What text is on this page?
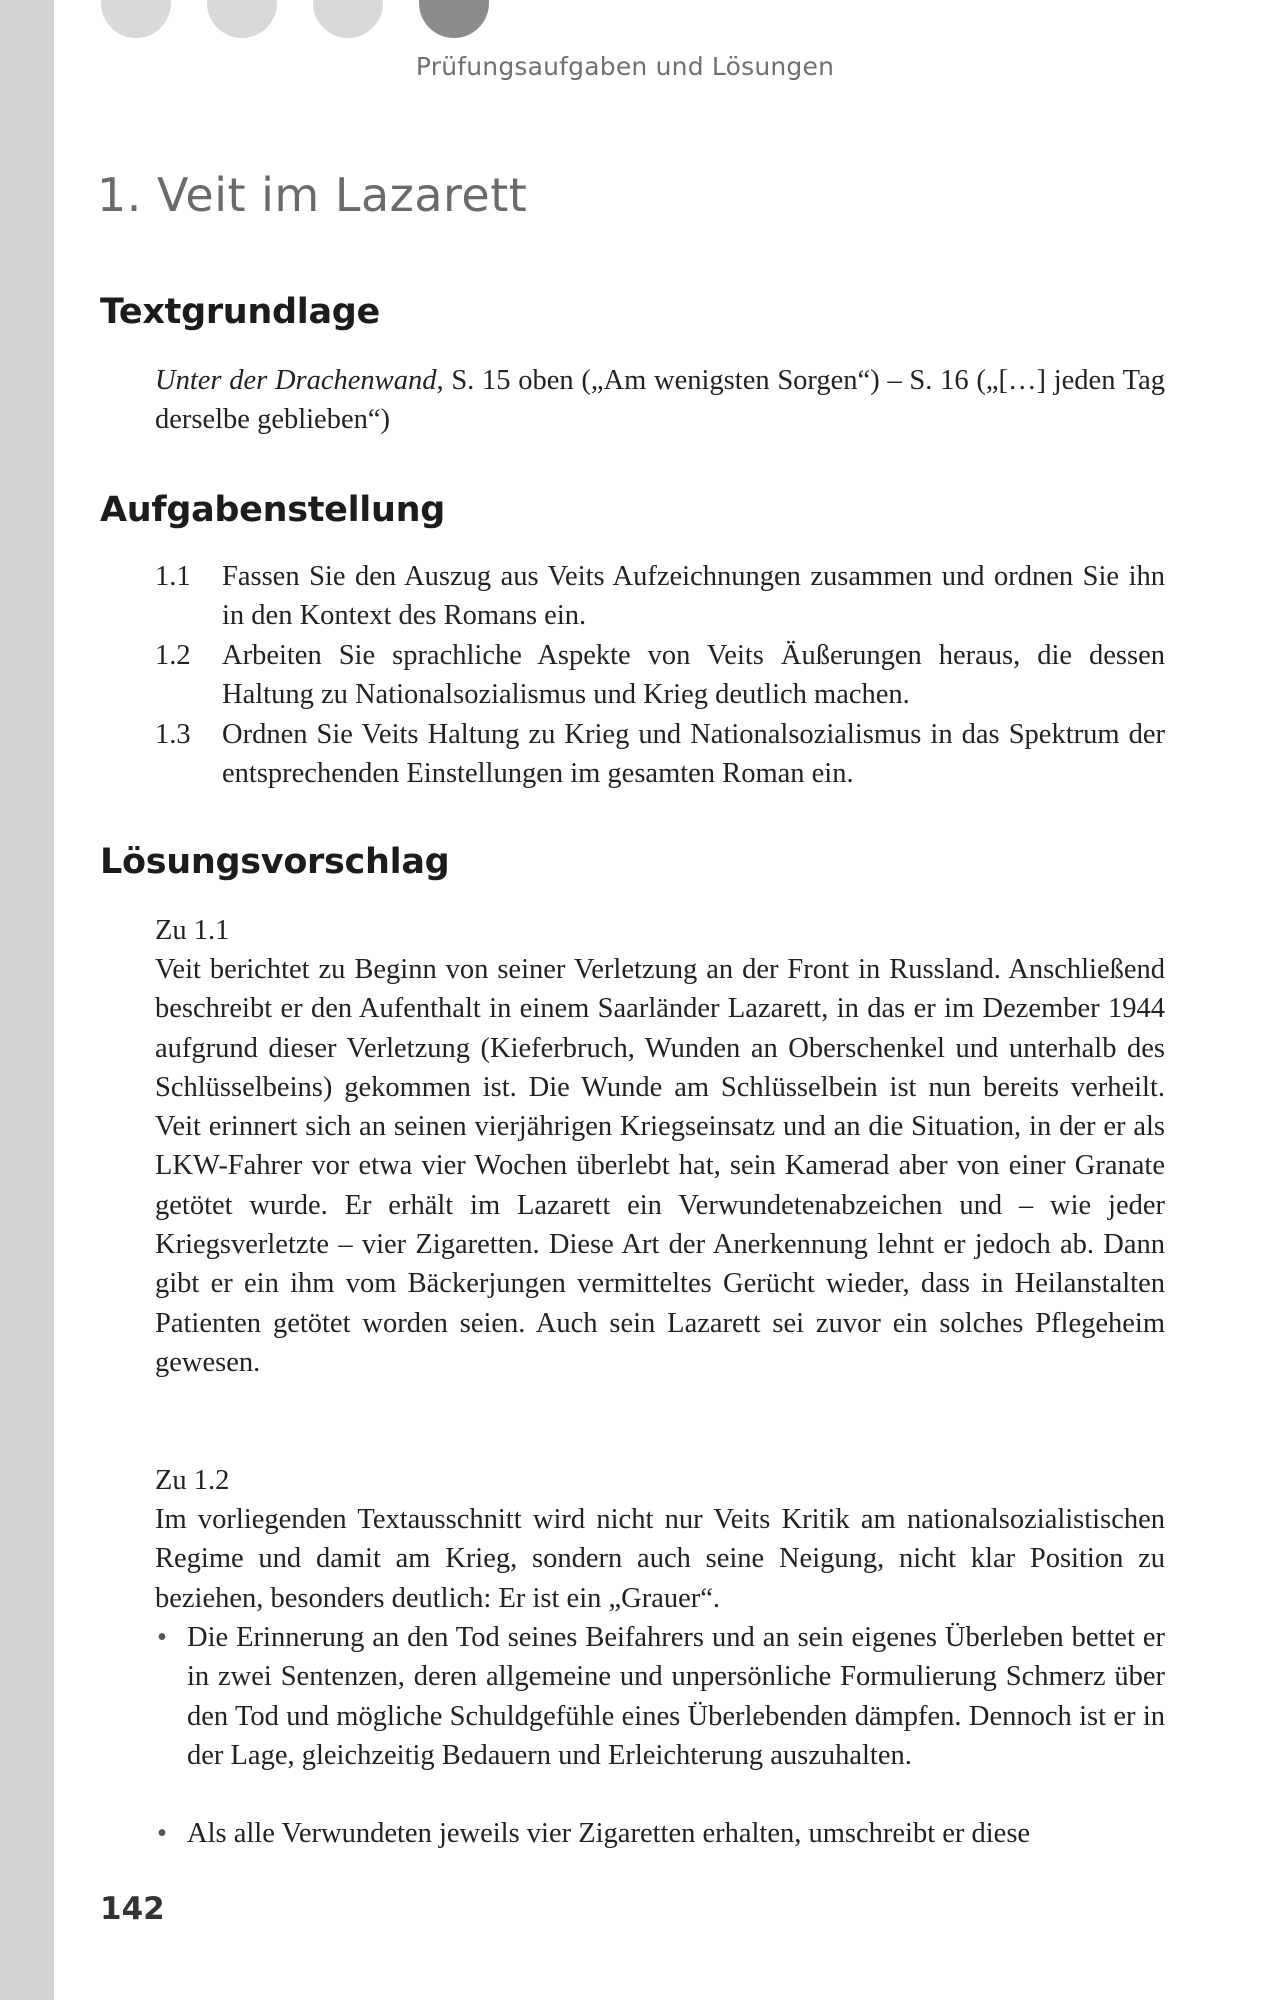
Prüfungsaufgaben und Lösungen
1. Veit im Lazarett
Textgrundlage

Unter der Drachenwand, S. 15 oben („Am wenigsten Sorgen“) – S. 16 („[…] jeden Tag derselbe geblieben“)

Aufgabenstellung
1.1 Fassen Sie den Auszug aus Veits Aufzeichnungen zusammen und ordnen Sie ihn in den Kontext des Romans ein.
1.2 Arbeiten Sie sprachliche Aspekte von Veits Äußerungen heraus, die dessen Haltung zu Nationalsozialismus und Krieg deutlich machen.
1.3 Ordnen Sie Veits Haltung zu Krieg und Nationalsozialismus in das Spektrum der entsprechenden Einstellungen im gesamten Roman ein.
Lösungsvorschlag

Zu 1.1

Veit berichtet zu Beginn von seiner Verletzung an der Front in Russland. Anschließend beschreibt er den Aufenthalt in einem Saarländer Lazarett, in das er im Dezember 1944 aufgrund dieser Verletzung (Kieferbruch, Wunden an Oberschenkel und unterhalb des Schlüsselbeins) gekommen ist. Die Wunde am Schlüsselbein ist nun bereits verheilt. Veit erinnert sich an seinen vierjährigen Kriegseinsatz und an die Situation, in der er als LKW-Fahrer vor etwa vier Wochen überlebt hat, sein Kamerad aber von einer Granate getötet wurde. Er erhält im Lazarett ein Verwundetenabzeichen und – wie jeder Kriegsverletzte – vier Zigaretten. Diese Art der Anerkennung lehnt er jedoch ab. Dann gibt er ein ihm vom Bäckerjungen vermitteltes Gerücht wieder, dass in Heilanstalten Patienten getötet worden seien. Auch sein Lazarett sei zuvor ein solches Pflegeheim gewesen.

Zu 1.2

Im vorliegenden Textausschnitt wird nicht nur Veits Kritik am nationalsozialistischen Regime und damit am Krieg, sondern auch seine Neigung, nicht klar Position zu beziehen, besonders deutlich: Er ist ein „Grauer“.

• Die Erinnerung an den Tod seines Beifahrers und an sein eigenes Überleben bettet er in zwei Sentenzen, deren allgemeine und unpersönliche Formulierung Schmerz über den Tod und mögliche Schuldgefühle eines Überlebenden dämpfen. Dennoch ist er in der Lage, gleichzeitig Bedauern und Erleichterung auszuhalten.
• Als alle Verwundeten jeweils vier Zigaretten erhalten, umschreibt er diese
142
